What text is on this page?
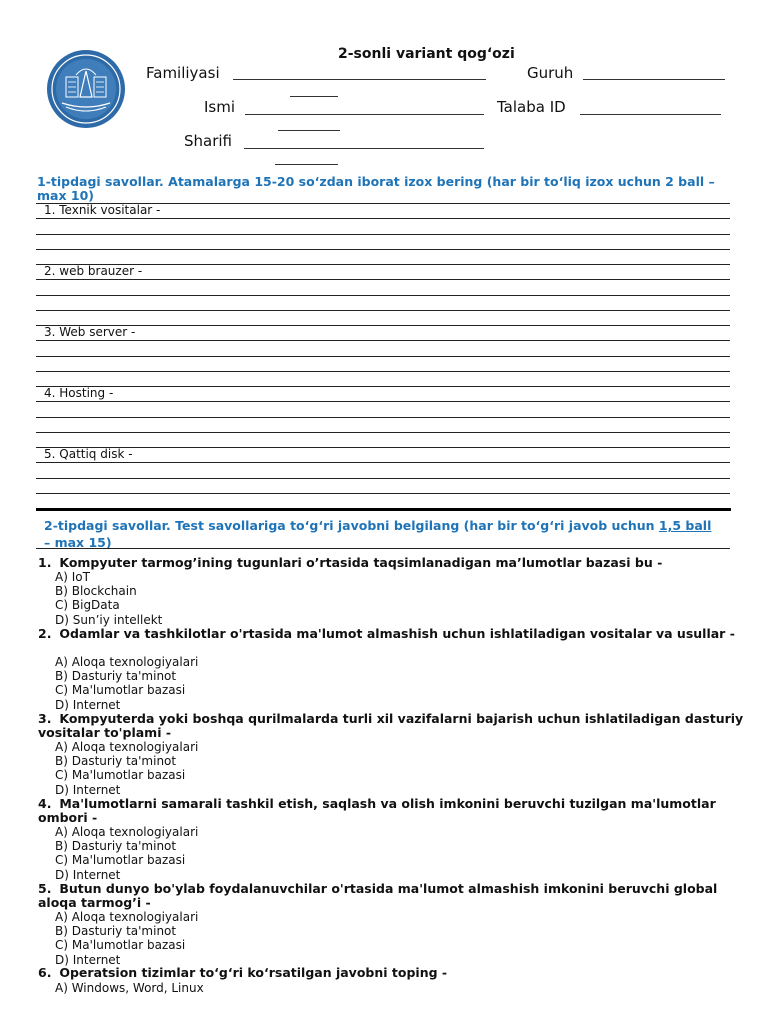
2-sonli variant qog‘ozi
Familiyasi	Guruh
Ismi	Talaba ID
Sharifi
1-tipdagi savollar. Atamalarga 15-20 so‘zdan iborat izox bering (har bir to‘liq izox uchun 2 ball – max 10)
1. Texnik vositalar -
2. web brauzer -
3. Web server -
4. Hosting -
5. Qattiq disk -
2-tipdagi savollar. Test savollariga to‘g‘ri javobni belgilang (har bir to‘g‘ri javob uchun 1,5 ball – max 15)
1. Kompyuter tarmog’ining tugunlari o’rtasida taqsimlanadigan ma’lumotlar bazasi bu -
A) IoT
B) Blockchain
C) BigData
D) Sun’iy intellekt
2. Odamlar va tashkilotlar o'rtasida ma'lumot almashish uchun ishlatiladigan vositalar va usullar -
A) Aloqa texnologiyalari
B) Dasturiy ta'minot
C) Ma'lumotlar bazasi
D) Internet
3. Kompyuterda yoki boshqa qurilmalarda turli xil vazifalarni bajarish uchun ishlatiladigan dasturiy vositalar to'plami -
A) Aloqa texnologiyalari
B) Dasturiy ta'minot
C) Ma'lumotlar bazasi
D) Internet
4. Ma'lumotlarni samarali tashkil etish, saqlash va olish imkonini beruvchi tuzilgan ma'lumotlar ombori -
A) Aloqa texnologiyalari
B) Dasturiy ta'minot
C) Ma'lumotlar bazasi
D) Internet
5. Butun dunyo bo'ylab foydalanuvchilar o'rtasida ma'lumot almashish imkonini beruvchi global aloqa tarmog’i -
A) Aloqa texnologiyalari
B) Dasturiy ta'minot
C) Ma'lumotlar bazasi
D) Internet
6. Operatsion tizimlar to‘g‘ri ko‘rsatilgan javobni toping -
A) Windows, Word, Linux
